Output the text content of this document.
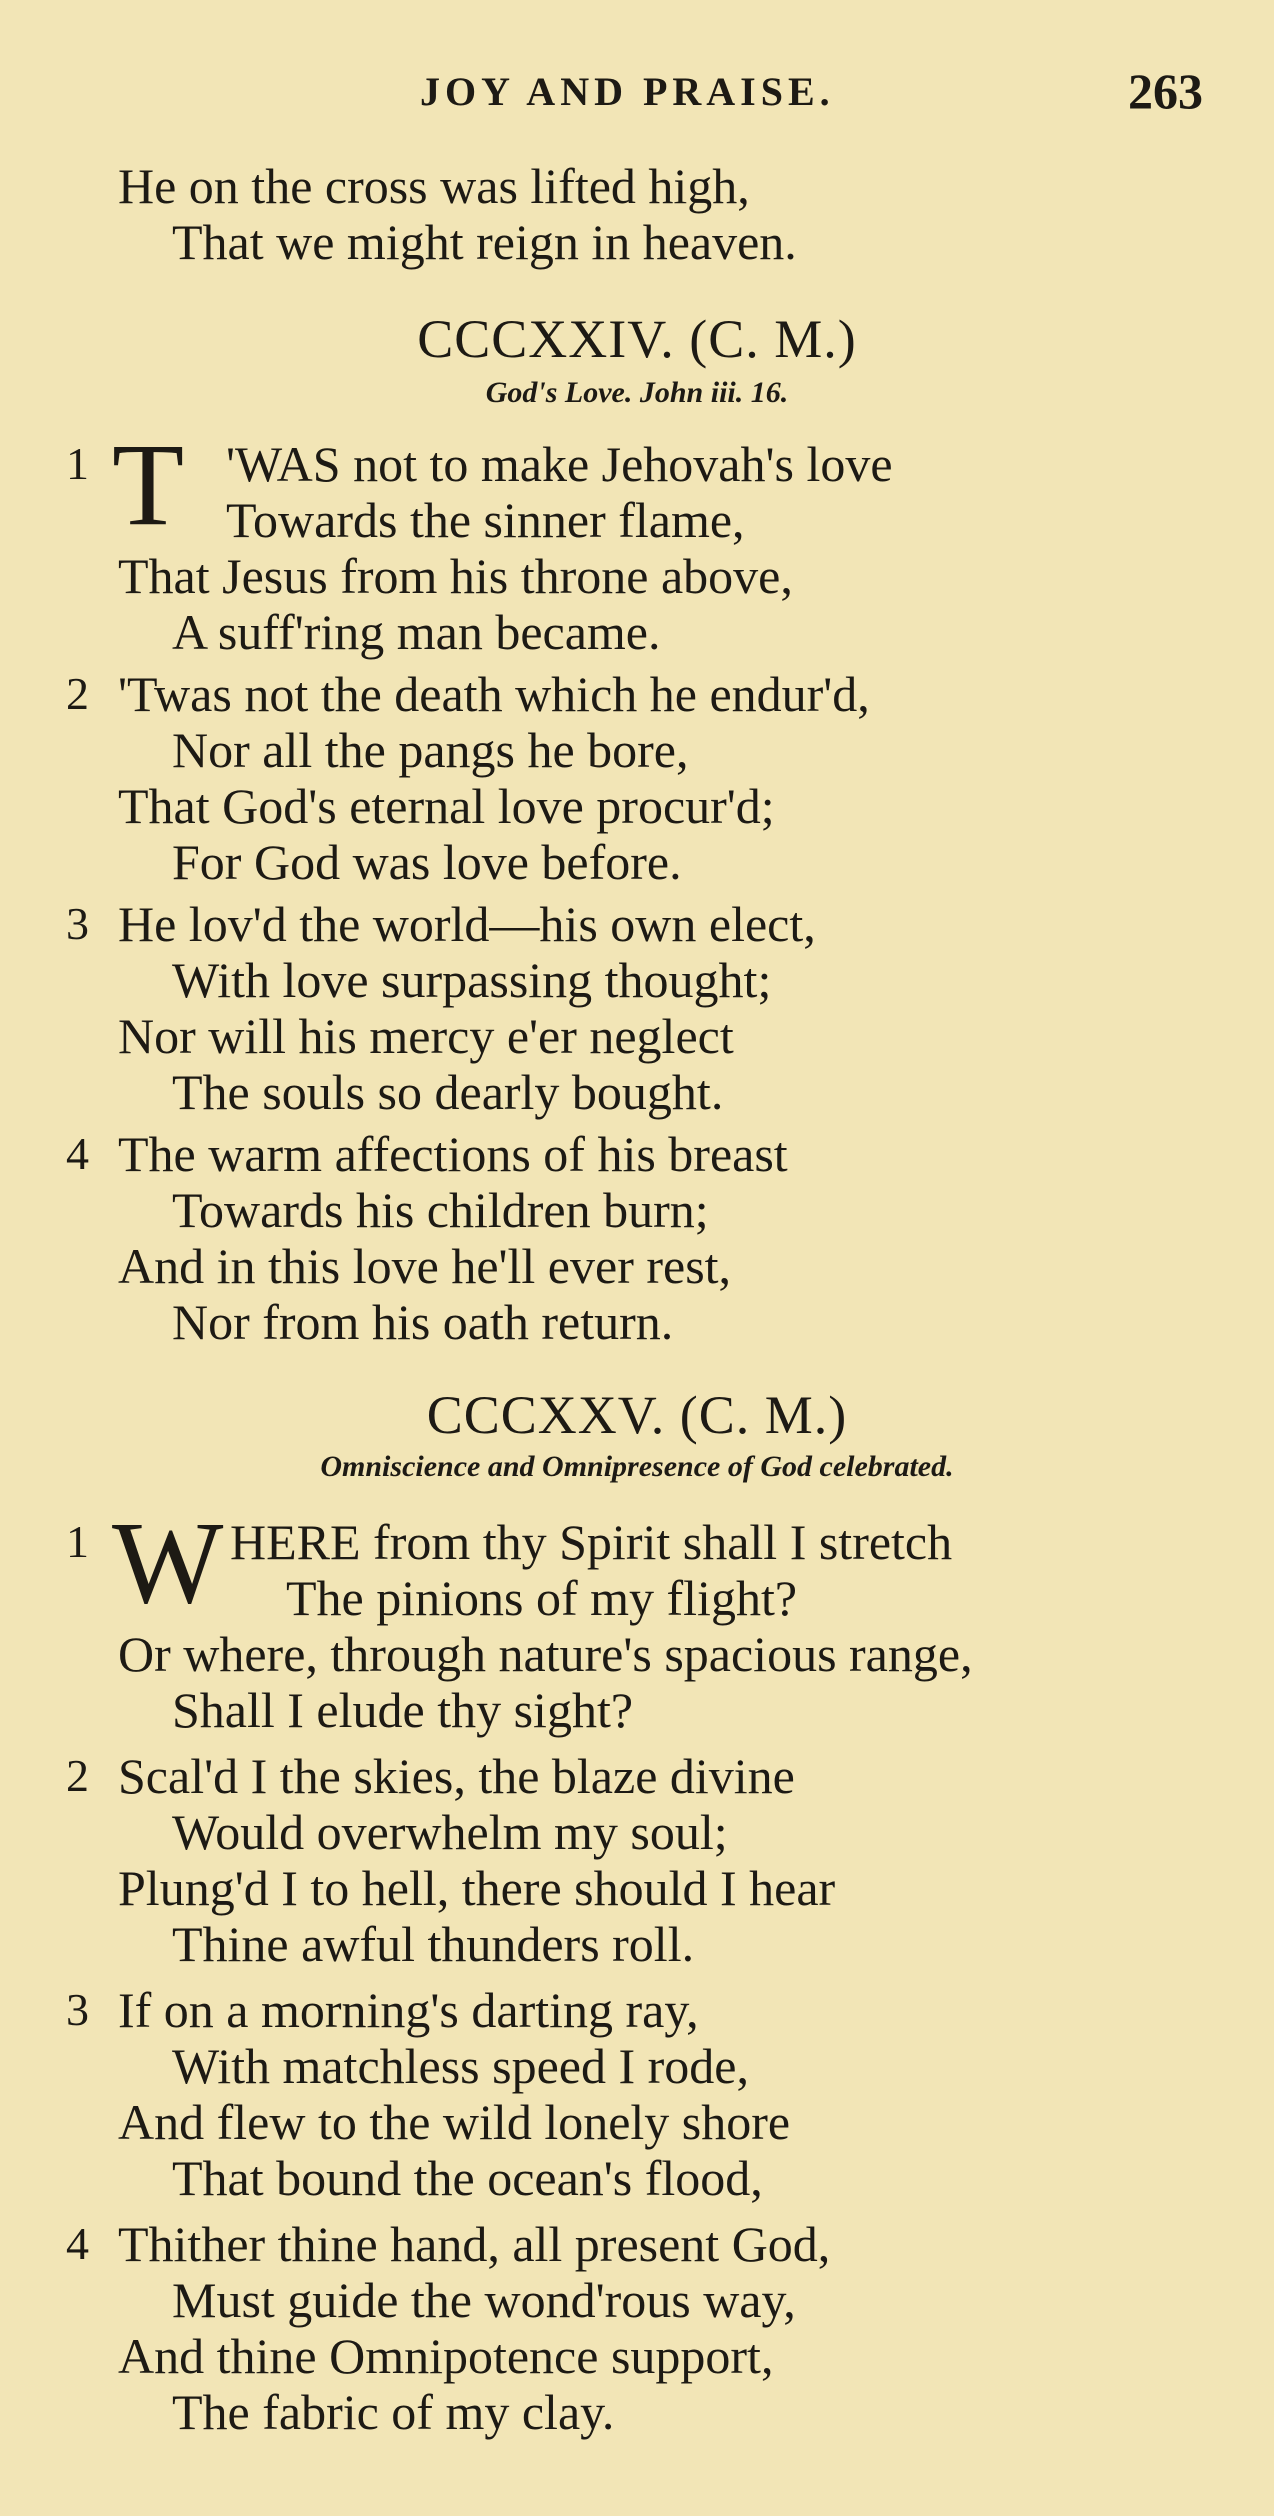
JOY AND PRAISE.	263
He on the cross was lifted high,
That we might reign in heaven.
CCCXXIV. (C. M.)
God's Love. John iii. 16.
1 T 'WAS not to make Jehovah's love
Towards the sinner flame,
That Jesus from his throne above,
A suff'ring man became.
2 'Twas not the death which he endur'd,
Nor all the pangs he bore,
That God's eternal love procur'd;
For God was love before.
3 He lov'd the world—his own elect,
With love surpassing thought;
Nor will his mercy e'er neglect
The souls so dearly bought.
4 The warm affections of his breast
Towards his children burn;
And in this love he'll ever rest,
Nor from his oath return.
CCCXXV. (C. M.)
Omniscience and Omnipresence of God celebrated.
1 W HERE from thy Spirit shall I stretch
The pinions of my flight?
Or where, through nature's spacious range,
Shall I elude thy sight?
2 Scal'd I the skies, the blaze divine
Would overwhelm my soul;
Plung'd I to hell, there should I hear
Thine awful thunders roll.
3 If on a morning's darting ray,
With matchless speed I rode,
And flew to the wild lonely shore
That bound the ocean's flood,
4 Thither thine hand, all present God,
Must guide the wond'rous way,
And thine Omnipotence support,
The fabric of my clay.
